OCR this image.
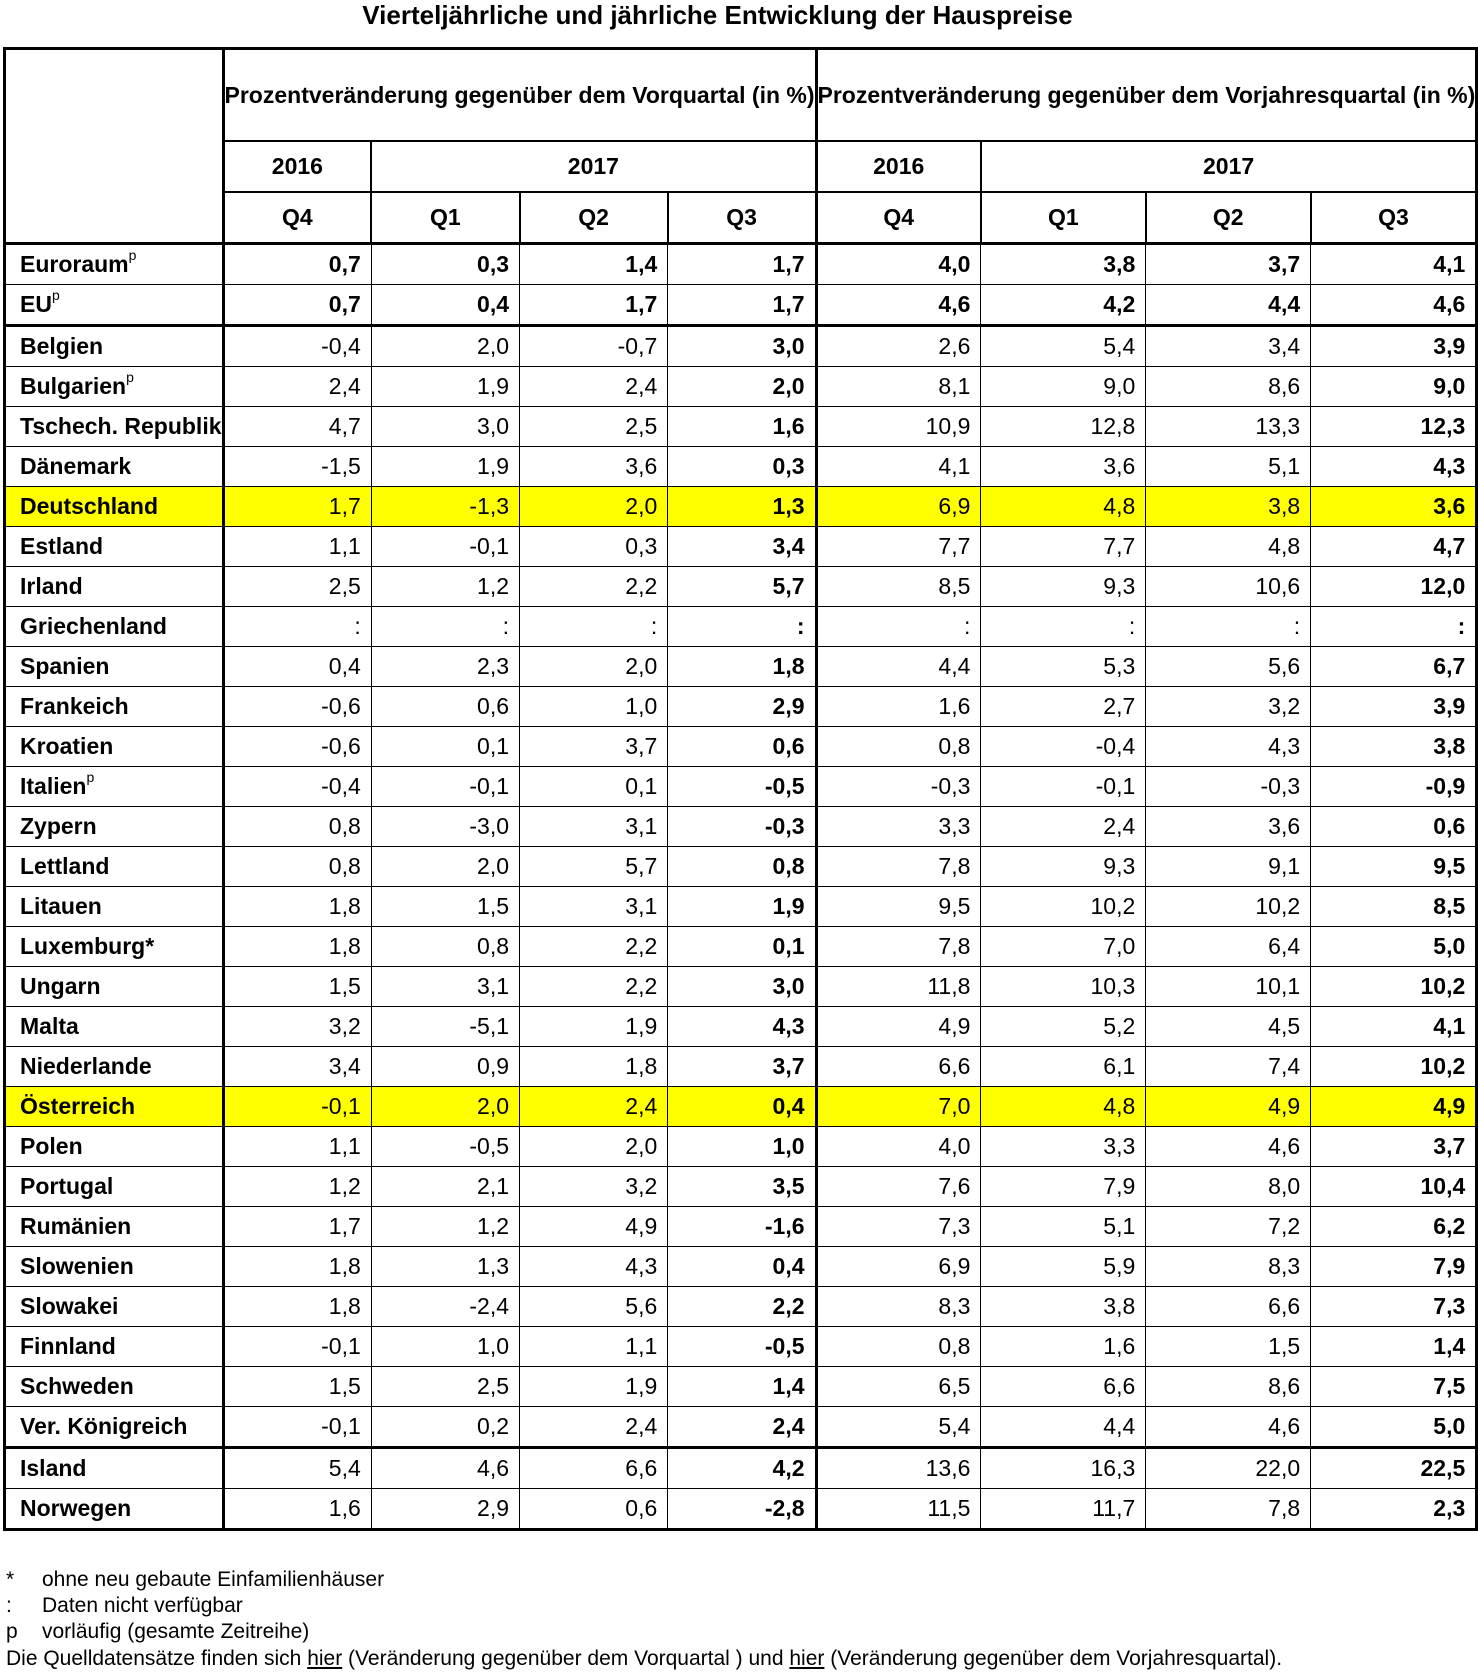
Vierteljährliche und jährliche Entwicklung der Hauspreise
	Prozentveränderung gegenüber dem Vorquartal (in %)				Prozentveränderung gegenüber dem Vorjahresquartal (in %)			
	2016	2017			2016	2017		
	Q4	Q1	Q2	Q3	Q4	Q1	Q2	Q3
Euroraum$^p$	0,7	0,3	1,4	1,7	4,0	3,8	3,7	4,1
$EU^p$	0,7	0,4	1,7	1,7	4,6	4,2	4,4	4,6
Belgien	-0,4	2,0	-0,7	3,0	2,6	5,4	3,4	3,9
Bulgarien$^p$	2,4	1,9	2,4	2,0	8,1	9,0	8,6	9,0
Tschech. Republik	4,7	3,0	2,5	1,6	10,9	12,8	13,3	12,3
Dänemark	-1,5	1,9	3,6	0,3	4,1	3,6	5,1	4,3
Deutschland	1,7	-1,3	2,0	1,3	6,9	4,8	3,8	3,6
Estland	1,1	-0,1	0,3	3,4	7,7	7,7	4,8	4,7
Irland	2,5	1,2	2,2	5,7	8,5	9,3	10,6	12,0
Griechenland	:	:	:	:	:	:	:	:
Spanien	0,4	2,3	2,0	1,8	4,4	5,3	5,6	6,7
Frankeich	-0,6	0,6	1,0	2,9	1,6	2,7	3,2	3,9
Kroatien	-0,6	0,1	3,7	0,6	0,8	-0,4	4,3	3,8
Italien$^p$	-0,4	-0,1	0,1	-0,5	-0,3	-0,1	-0,3	-0,9
Zypern	0,8	-3,0	3,1	-0,3	3,3	2,4	3,6	0,6
Lettland	0,8	2,0	5,7	0,8	7,8	9,3	9,1	9,5
Litauen	1,8	1,5	3,1	1,9	9,5	10,2	10,2	8,5
Luxemburg*	1,8	0,8	2,2	0,1	7,8	7,0	6,4	5,0
Ungarn	1,5	3,1	2,2	3,0	11,8	10,3	10,1	10,2
Malta	3,2	-5,1	1,9	4,3	4,9	5,2	4,5	4,1
Niederlande	3,4	0,9	1,8	3,7	6,6	6,1	7,4	10,2
Österreich	-0,1	2,0	2,4	0,4	7,0	4,8	4,9	4,9
Polen	1,1	-0,5	2,0	1,0	4,0	3,3	4,6	3,7
Portugal	1,2	2,1	3,2	3,5	7,6	7,9	8,0	10,4
Rumänien	1,7	1,2	4,9	-1,6	7,3	5,1	7,2	6,2
Slowenien	1,8	1,3	4,3	0,4	6,9	5,9	8,3	7,9
Slowakei	1,8	-2,4	5,6	2,2	8,3	3,8	6,6	7,3
Finnland	-0,1	1,0	1,1	-0,5	0,8	1,6	1,5	1,4
Schweden	1,5	2,5	1,9	1,4	6,5	6,6	8,6	7,5
Ver. Königreich	-0,1	0,2	2,4	2,4	5,4	4,4	4,6	5,0
Island	5,4	4,6	6,6	4,2	13,6	16,3	22,0	22,5
Norwegen	1,6	2,9	0,6	-2,8	11,5	11,7	7,8	2,3
*	ohne neu gebaute Einfamilienhäuser
:	Daten nicht verfügbar
p	vorläufig (gesamte Zeitreihe)
Die Quelldatensätze finden sich hier (Veränderung gegenüber dem Vorquartal ) und hier (Veränderung gegenüber dem Vorjahresquartal).
